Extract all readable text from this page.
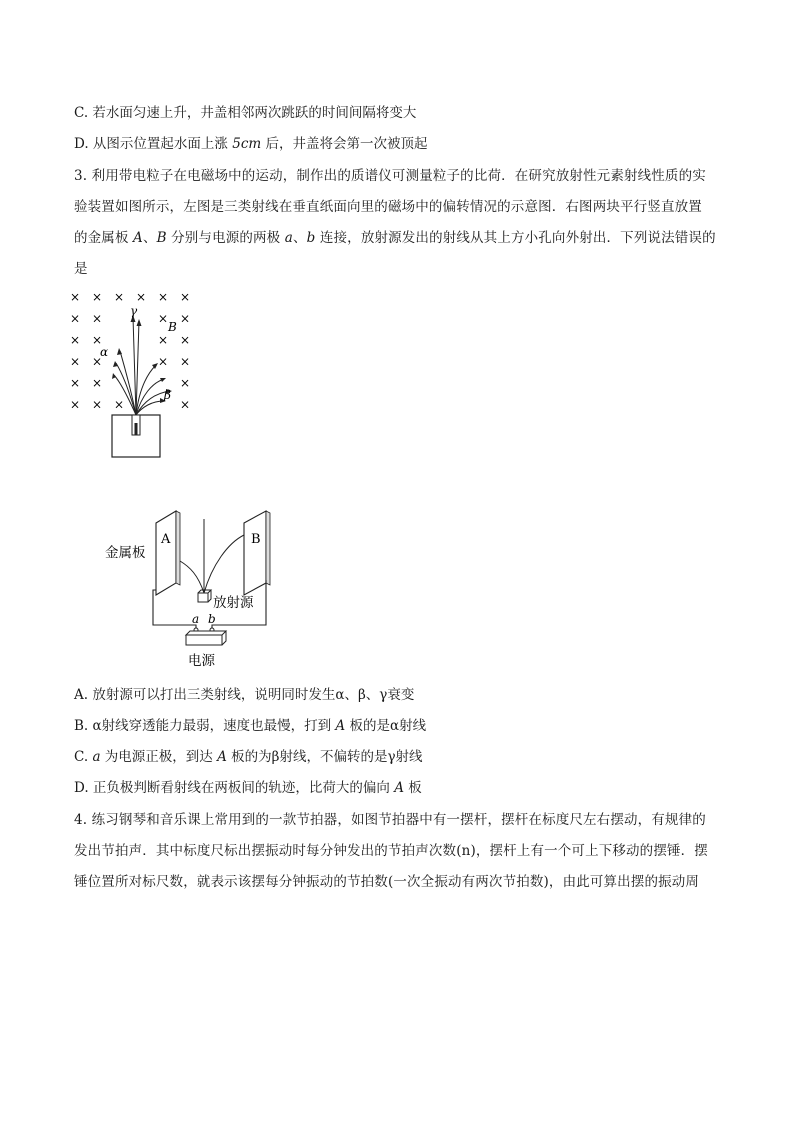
C. 若水面匀速上升，井盖相邻两次跳跃的时间间隔将变大
D. 从图示位置起水面上涨 5cm 后，井盖将会第一次被顶起
3. 利用带电粒子在电磁场中的运动，制作出的质谱仪可测量粒子的比荷．在研究放射性元素射线性质的实
验装置如图所示，左图是三类射线在垂直纸面向里的磁场中的偏转情况的示意图．右图两块平行竖直放置
的金属板 A、B 分别与电源的两极 a、b 连接，放射源发出的射线从其上方小孔向外射出．下列说法错误的
是
× × × × × ×
× ×	× ×
× ×	× ×
× ×	× ×
× ×	×
× × ×	×
γ
α
β
B
A	B
金属板
放射源
a b
电源
A. 放射源可以打出三类射线，说明同时发生α、β、γ衰变
B. α射线穿透能力最弱，速度也最慢，打到 A 板的是α射线
C. a 为电源正极，到达 A 板的为β射线，不偏转的是γ射线
D. 正负极判断看射线在两板间的轨迹，比荷大的偏向 A 板
4. 练习钢琴和音乐课上常用到的一款节拍器，如图节拍器中有一摆杆，摆杆在标度尺左右摆动，有规律的
发出节拍声．其中标度尺标出摆振动时每分钟发出的节拍声次数(n)，摆杆上有一个可上下移动的摆锤．摆
锤位置所对标尺数，就表示该摆每分钟振动的节拍数(一次全振动有两次节拍数)，由此可算出摆的振动周
